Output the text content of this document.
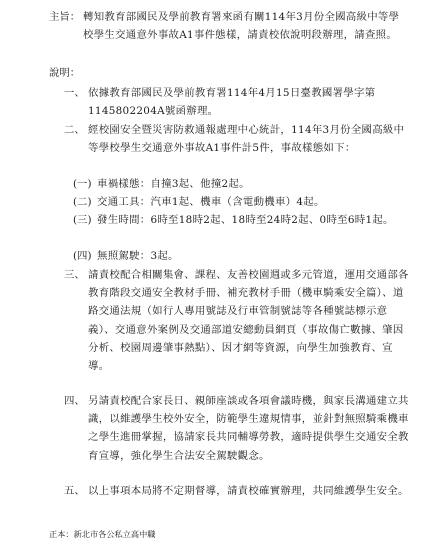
主旨： 轉知教育部國民及學前教育署來函有關114年3月份全國高級中等學校學生交通意外事故A1事件態樣，請責校依說明段辦理，請查照。
說明：
一、 依據教育部國民及學前教育署114年4月15日臺教國署學字第1145802204A號函辦理。
二、 經校園安全暨災害防救通報處理中心統計，114年3月份全國高級中等學校學生交通意外事故A1事件計5件，事故樣態如下：
(一) 車禍樣態：自撞3起、他撞2起。
(二) 交通工具：汽車1起、機車（含電動機車）4起。
(三) 發生時間：6時至18時2起、18時至24時2起、0時至6時1起。
(四) 無照駕駛：3起。
三、 請責校配合相關集會、課程、友善校園週或多元管道，運用交通部各教育階段交通安全教材手冊、補充教材手冊（機車騎乘安全篇）、道路交通法規（如行人專用號誌及行車管制號誌等各種號誌標示意義）、交通意外案例及交通部道安總動員網頁（事故傷亡數據、肇因分析、校園周邊肇事熱點）、因才網等資源，向學生加強教育、宣導。
四、 另請責校配合家長日、親師座談或各項會議時機，與家長溝通建立共識，以維護學生校外安全，防範學生違規情事，並針對無照騎乘機車之學生進冊掌握，協請家長共同輔導勞教，適時提供學生交通安全教育宣導，強化學生合法安全駕駛觀念。
五、 以上事項本局將不定期督導，請責校確實辦理，共同維護學生安全。
正本：新北市各公私立高中職
